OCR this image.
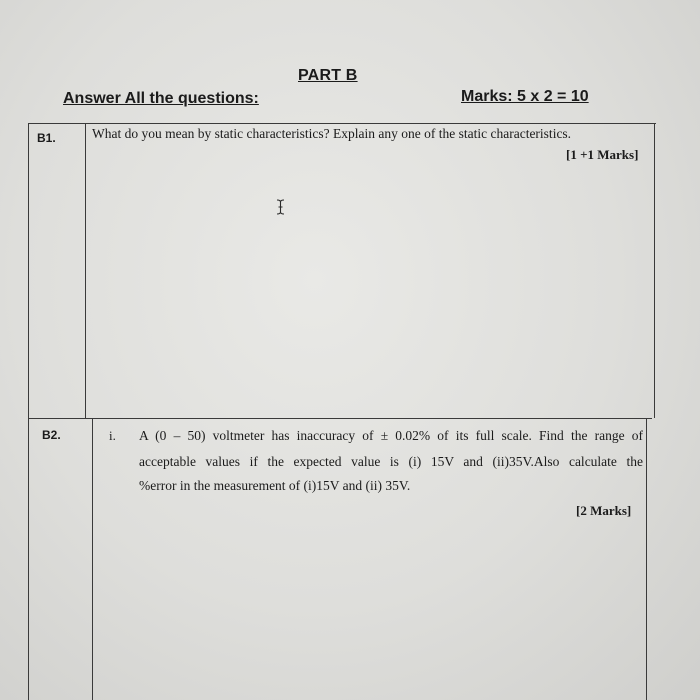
PART B
Answer All the questions:	Marks: 5 x 2 = 10
B1.	What do you mean by static characteristics? Explain any one of the static characteristics.
[1 +1 Marks]
B2.	i. A (0 – 50) voltmeter has inaccuracy of ± 0.02% of its full scale. Find the range of
acceptable values if the expected value is (i) 15V and (ii)35V.Also calculate the
%error in the measurement of (i)15V and (ii) 35V.
[2 Marks]
